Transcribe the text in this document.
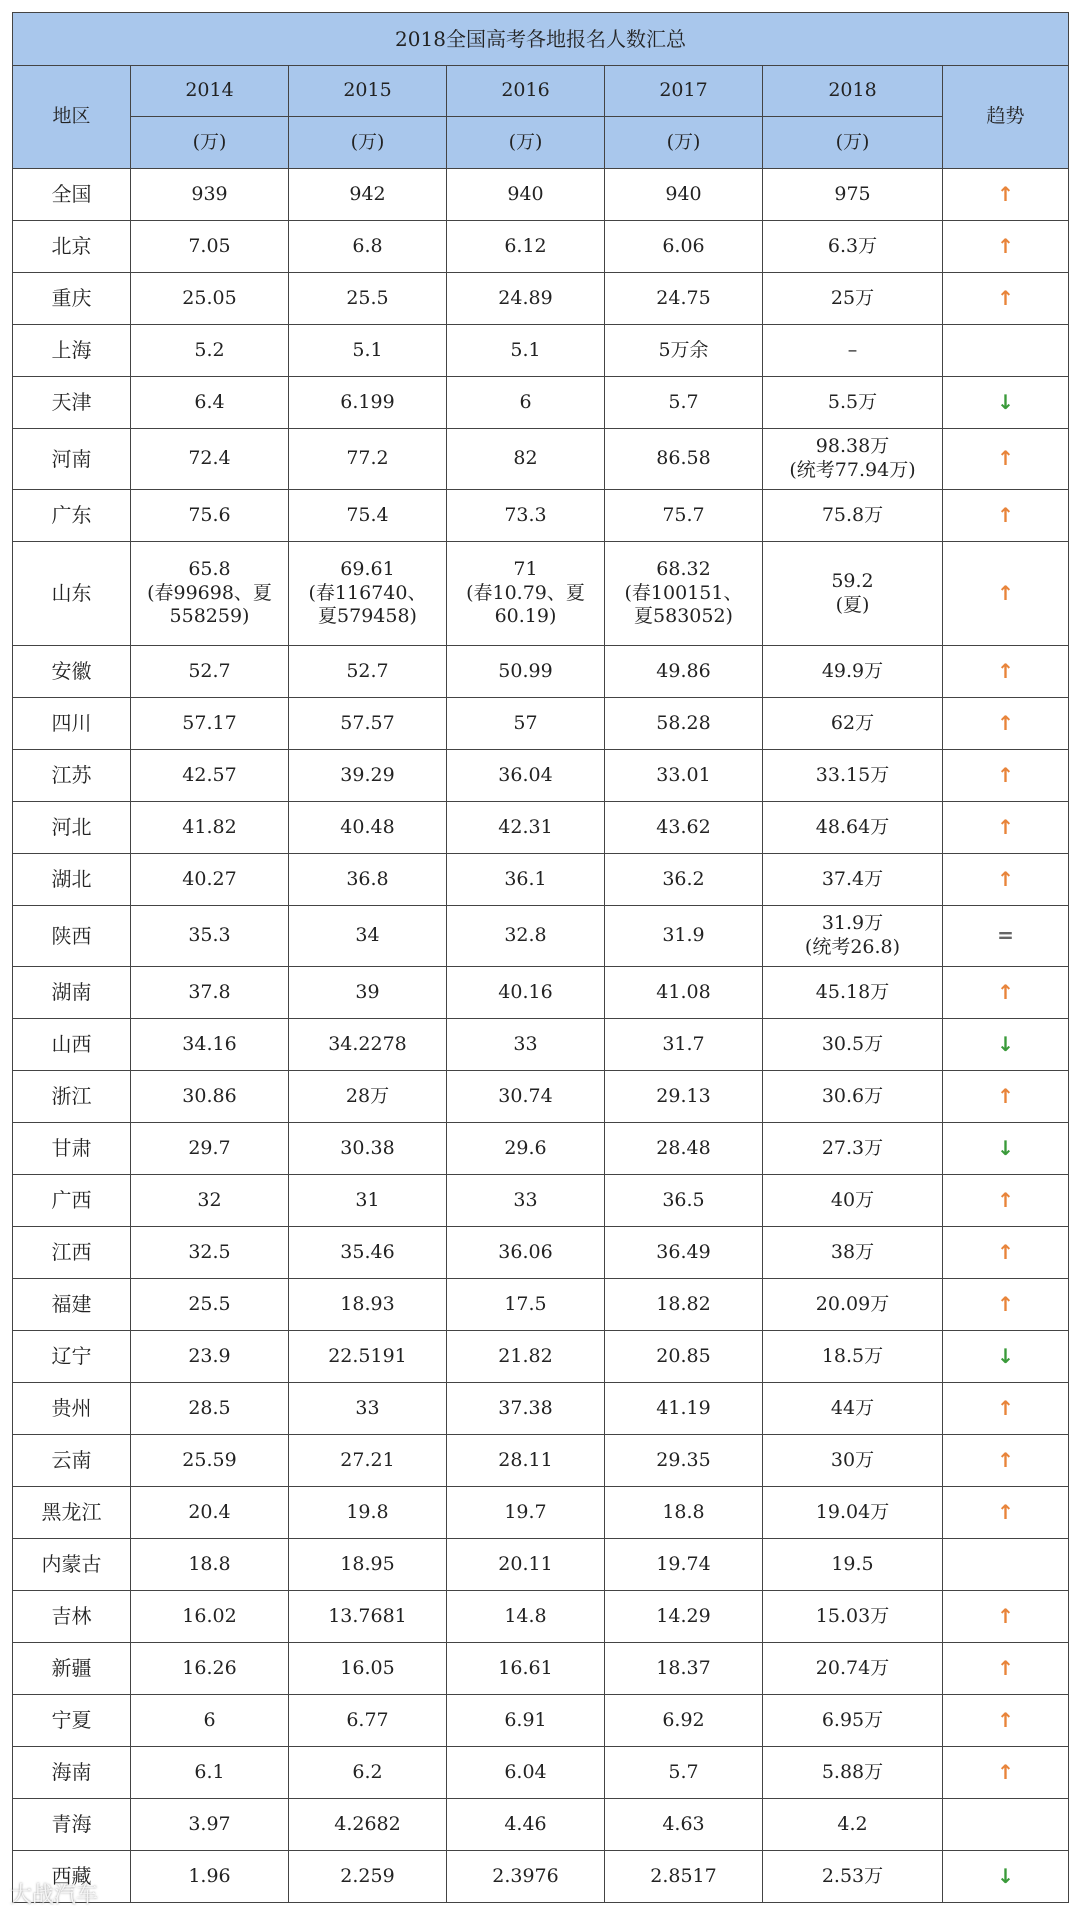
2018全国高考各地报名人数汇总						
地区	2014	2015	2016	2017	2018	趋势
	(万)	(万)	(万)	(万)	(万)	
全国	939	942	940	940	975	↑
北京	7.05	6.8	6.12	6.06	6.3万	↑
重庆	25.05	25.5	24.89	24.75	25万	↑
上海	5.2	5.1	5.1	5万余	–	

天津	6.4	6.199	6	5.7	5.5万	↓
河南	72.4	77.2	82	86.58	98.38万
(统考77.94万)	↑
广东	75.6	75.4	73.3	75.7	75.8万	↑
山东	65.8
(春99698、夏
558259)	69.61
(春116740、
夏579458)	71
(春10.79、夏
60.19)	68.32
(春100151、
夏583052)	59.2
(夏)	↑
安徽	52.7	52.7	50.99	49.86	49.9万	↑
四川	57.17	57.57	57	58.28	62万	↑
江苏	42.57	39.29	36.04	33.01	33.15万	↑
河北	41.82	40.48	42.31	43.62	48.64万	↑
湖北	40.27	36.8	36.1	36.2	37.4万	↑
陕西	35.3	34	32.8	31.9	31.9万
(统考26.8)	=
湖南	37.8	39	40.16	41.08	45.18万	↑
山西	34.16	34.2278	33	31.7	30.5万	↓
浙江	30.86	28万	30.74	29.13	30.6万	↑
甘肃	29.7	30.38	29.6	28.48	27.3万	↓
广西	32	31	33	36.5	40万	↑
江西	32.5	35.46	36.06	36.49	38万	↑
福建	25.5	18.93	17.5	18.82	20.09万	↑
辽宁	23.9	22.5191	21.82	20.85	18.5万	↓
贵州	28.5	33	37.38	41.19	44万	↑
云南	25.59	27.21	28.11	29.35	30万	↑
黑龙江	20.4	19.8	19.7	18.8	19.04万	↑
内蒙古	18.8	18.95	20.11	19.74	19.5	

吉林	16.02	13.7681	14.8	14.29	15.03万	↑
新疆	16.26	16.05	16.61	18.37	20.74万	↑
宁夏	6	6.77	6.91	6.92	6.95万	↑
海南	6.1	6.2	6.04	5.7	5.88万	↑
青海	3.97	4.2682	4.46	4.63	4.2	

西藏	1.96	2.259	2.3976	2.8517	2.53万	↓
大战汽车
